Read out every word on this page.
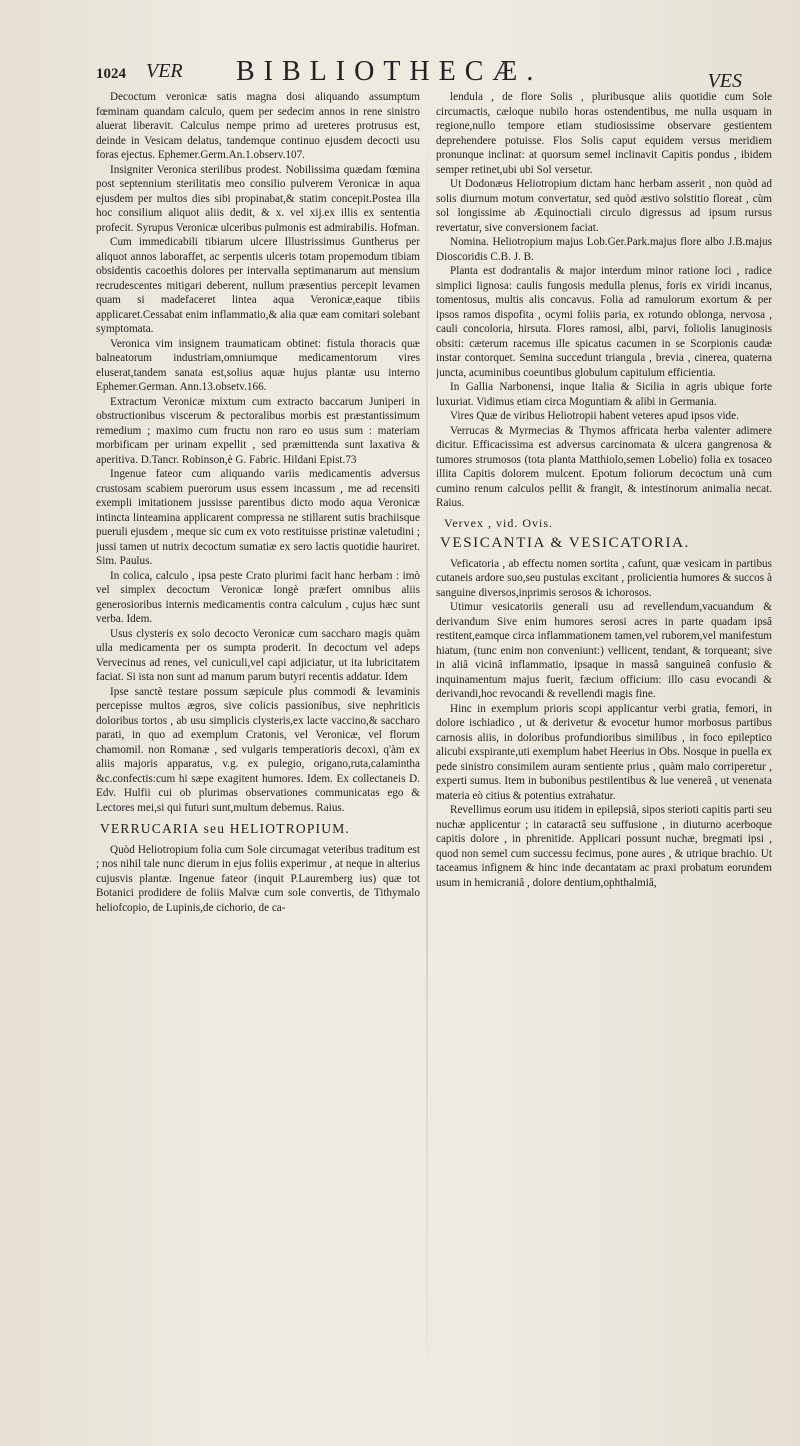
1024 VER BIBLIOTHECÆ.	VES

Decoctum veronicæ satis magna dosi aliquando assumptum fœminam quandam calculo, quem per sedecim annos in rene sinistro aluerat liberavit. Calculus nempe primo ad ureteres protrusus est, deinde in Vesicam delatus, tandemque continuo ejusdem decocti usu foras ejectus. Ephemer.Germ.An.1.observ.107.

Insigniter Veronica sterilibus prodest. Nobilissima quædam fœmina post septennium sterilitatis meo consilio pulverem Veronicæ in aqua ejusdem per multos dies sibi propinabat,& statim concepit.Postea illa hoc consilium aliquot aliis dedit, & x. vel xij.ex illis ex sententia profecit. Syrupus Veronicæ ulceribus pulmonis est admirabilis. Hofman.

Cum immedicabili tibiarum ulcere Illustrissimus Guntherus per aliquot annos laboraffet, ac serpentis ulceris totam propemodum tibiam obsidentis cacoethis dolores per intervalla septimanarum aut mensium recrudescentes mitigari deberent, nullum præsentius percepit levamen quam si madefaceret lintea aqua Veronicæ,eaque tibiis applicaret.Cessabat enim inflammatio,& alia quæ eam comitari solebant symptomata.

Veronica vim insignem traumaticam obtinet: fistula thoracis quæ balneatorum industriam,omniumque medicamentorum vires eluserat,tandem sanata est,solius aquæ hujus plantæ usu interno Ephemer.German. Ann.13.obsetv.166.

Extractum Veronicæ mixtum cum extracto baccarum Juniperi in obstructionibus viscerum & pectoralibus morbis est præstantissimum remedium ; maximo cum fructu non raro eo usus sum : materiam morbificam per urinam expellit , sed præmittenda sunt laxativa & aperitiva. D.Tancr. Robinson,è G. Fabric. Hildani Epist.73

Ingenue fateor cum aliquando variis medicamentis adversus crustosam scabiem puerorum usus essem incassum , me ad recensiti exempli imitationem jussisse parentibus dicto modo aqua Veronicæ intincta linteamina applicarent compressa ne stillarent sutis brachiisque pueruli ejusdem , meque sic cum ex voto restituisse pristinæ valetudini ; jussi tamen ut nutrix decoctum sumatiæ ex sero lactis quotidie hauriret. Sim. Paulus.

In colica, calculo , ipsa peste Crato plurimi facit hanc herbam : imò vel simplex decoctum Veronicæ longè præfert omnibus aliis generosioribus internis medicamentis contra calculum , cujus hæc sunt verba. Idem.

Usus clysteris ex solo decocto Veronicæ cum saccharo magis quàm ulla medicamenta per os sumpta proderit. In decoctum vel adeps Vervecinus ad renes, vel cuniculi,vel capi adjiciatur, ut ita lubricitatem faciat. Si ista non sunt ad manum parum butyri recentis addatur. Idem

Ipse sanctè testare possum sæpicule plus commodi & levaminis percepisse multos ægros, sive colicis passionibus, sive nephriticis doloribus tortos , ab usu simplicis clysteris,ex lacte vaccino,& saccharo parati, in quo ad exemplum Cratonis, vel Veronicæ, vel florum chamomil. non Romanæ , sed vulgaris temperatioris decoxi, q'àm ex aliis majoris apparatus, v.g. ex pulegio, origano,ruta,calamintha &c.confectis:cum hi sæpe exagitent humores. Idem. Ex collectaneis D. Edv. Hulfii cui ob plurimas observationes communicatas ego & Lectores mei,si qui futuri sunt,multum debemus. Raius.

VERRUCARIA seu HELIOTROPIUM.

Quòd Heliotropium folia cum Sole circumagat veteribus traditum est ; nos nihil tale nunc dierum in ejus foliis experimur , at neque in alterius cujusvis plantæ. Ingenue fateor (inquit P.Lauremberg ius) quæ tot Botanici prodidere de foliis Malvæ cum sole convertis, de Tithymalo heliofcopio, de Lupinis,de cichorio, de ca-

lendula , de flore Solis , pluribusque aliis quotidie cum Sole circumactis, cæloque nubilo horas ostendentibus, me nulla usquam in regione,nullo tempore etiam studiosissime observare gestientem deprehendere potuisse. Flos Solis caput equidem versus meridiem pronunque inclinat: at quorsum semel inclinavit Capitis pondus , ibidem semper retinet,ubi ubi Sol versetur.

Ut Dodonæus Heliotropium dictam hanc herbam asserit , non quòd ad solis diurnum motum convertatur, sed quòd æstivo solstitio floreat , cùm sol longissime ab Æquinoctiali circulo digressus ad ipsum rursus revertatur, sive conversionem faciat.

Nomina. Heliotropium majus Lob.Ger.Park.majus flore albo J.B.majus Dioscoridis C.B. J. B.

Planta est dodrantalis & major interdum minor ratione loci , radice simplici lignosa: caulis fungosis medulla plenus, foris ex viridi incanus, tomentosus, multis alis concavus. Folia ad ramulorum exortum & per ipsos ramos dispofita , ocymi foliis paria, ex rotundo oblonga, nervosa , cauli concoloria, hirsuta. Flores ramosi, albi, parvi, foliolis lanuginosis obsiti: cæterum racemus ille spicatus cacumen in se Scorpionis caudæ instar contorquet. Semina succedunt triangula , brevia , cinerea, quaterna juncta, acuminibus coeuntibus globulum capitulum efficientia.

In Gallia Narbonensi, inque Italia & Sicilia in agris ubique forte luxuriat. Vidimus etiam circa Moguntiam & alibi in Germania.

Vires Quæ de viribus Heliotropii habent veteres apud ipsos vide.

Verrucas & Myrmecias & Thymos affricata herba valenter adimere dicitur. Efficacissima est adversus carcinomata & ulcera gangrenosa & tumores strumosos (tota planta Matthiolo,semen Lobelio) folia ex tosaceo illita Capitis dolorem mulcent. Epotum foliorum decoctum unà cum cumino renum calculos pellit & frangit, & intestinorum animalia necat. Raius.

Vervex , vid. Ovis.

VESICANTIA & VESICATORIA.

Veficatoria , ab effectu nomen sortita , cafunt, quæ vesicam in partibus cutaneis ardore suo,seu pustulas excitant , prolicientia humores & succos à sanguine diversos,inprimis serosos & ichorosos.

Utimur vesicatoriis generali usu ad revellendum,vacuandum & derivandum Sive enim humores serosi acres in parte quadam ipsâ restitent,eamque circa inflammationem tamen,vel ruborem,vel manifestum hiatum, (tunc enim non conveniunt:) vellicent, tendant, & torqueant; sive in aliâ vicinâ inflammatio, ipsaque in massâ sanguineâ confusio & inquinamentum majus fuerit, fæcium officium: illo casu evocandi & derivandi,hoc revocandi & revellendi magis fine.

Hinc in exemplum prioris scopi applicantur verbi gratia, femori, in dolore ischiadico , ut & derivetur & evocetur humor morbosus partibus carnosis aliis, in doloribus profundioribus similibus , in foco epileptico alicubi exspirante,uti exemplum habet Heerius in Obs. Nosque in puella ex pede sinistro consimilem auram sentiente prius , quàm malo corriperetur , experti sumus. Item in bubonibus pestilentibus & lue venereâ , ut venenata materia eò citius & potentius extrahatur.

Revellimus eorum usu itidem in epilepsiâ, sipos sterioti capitis parti seu nuchæ applicentur ; in cataractâ seu suffusione , in diuturno acerboque capitis dolore , in phrenitide. Applicari possunt nuchæ, bregmati ipsi , quod non semel cum successu fecimus, pone aures , & utrique brachio. Ut taceamus infignem & hinc inde decantatam ac praxi probatum eorundem usum in hemicraniâ , dolore dentium,ophthalmiâ,
